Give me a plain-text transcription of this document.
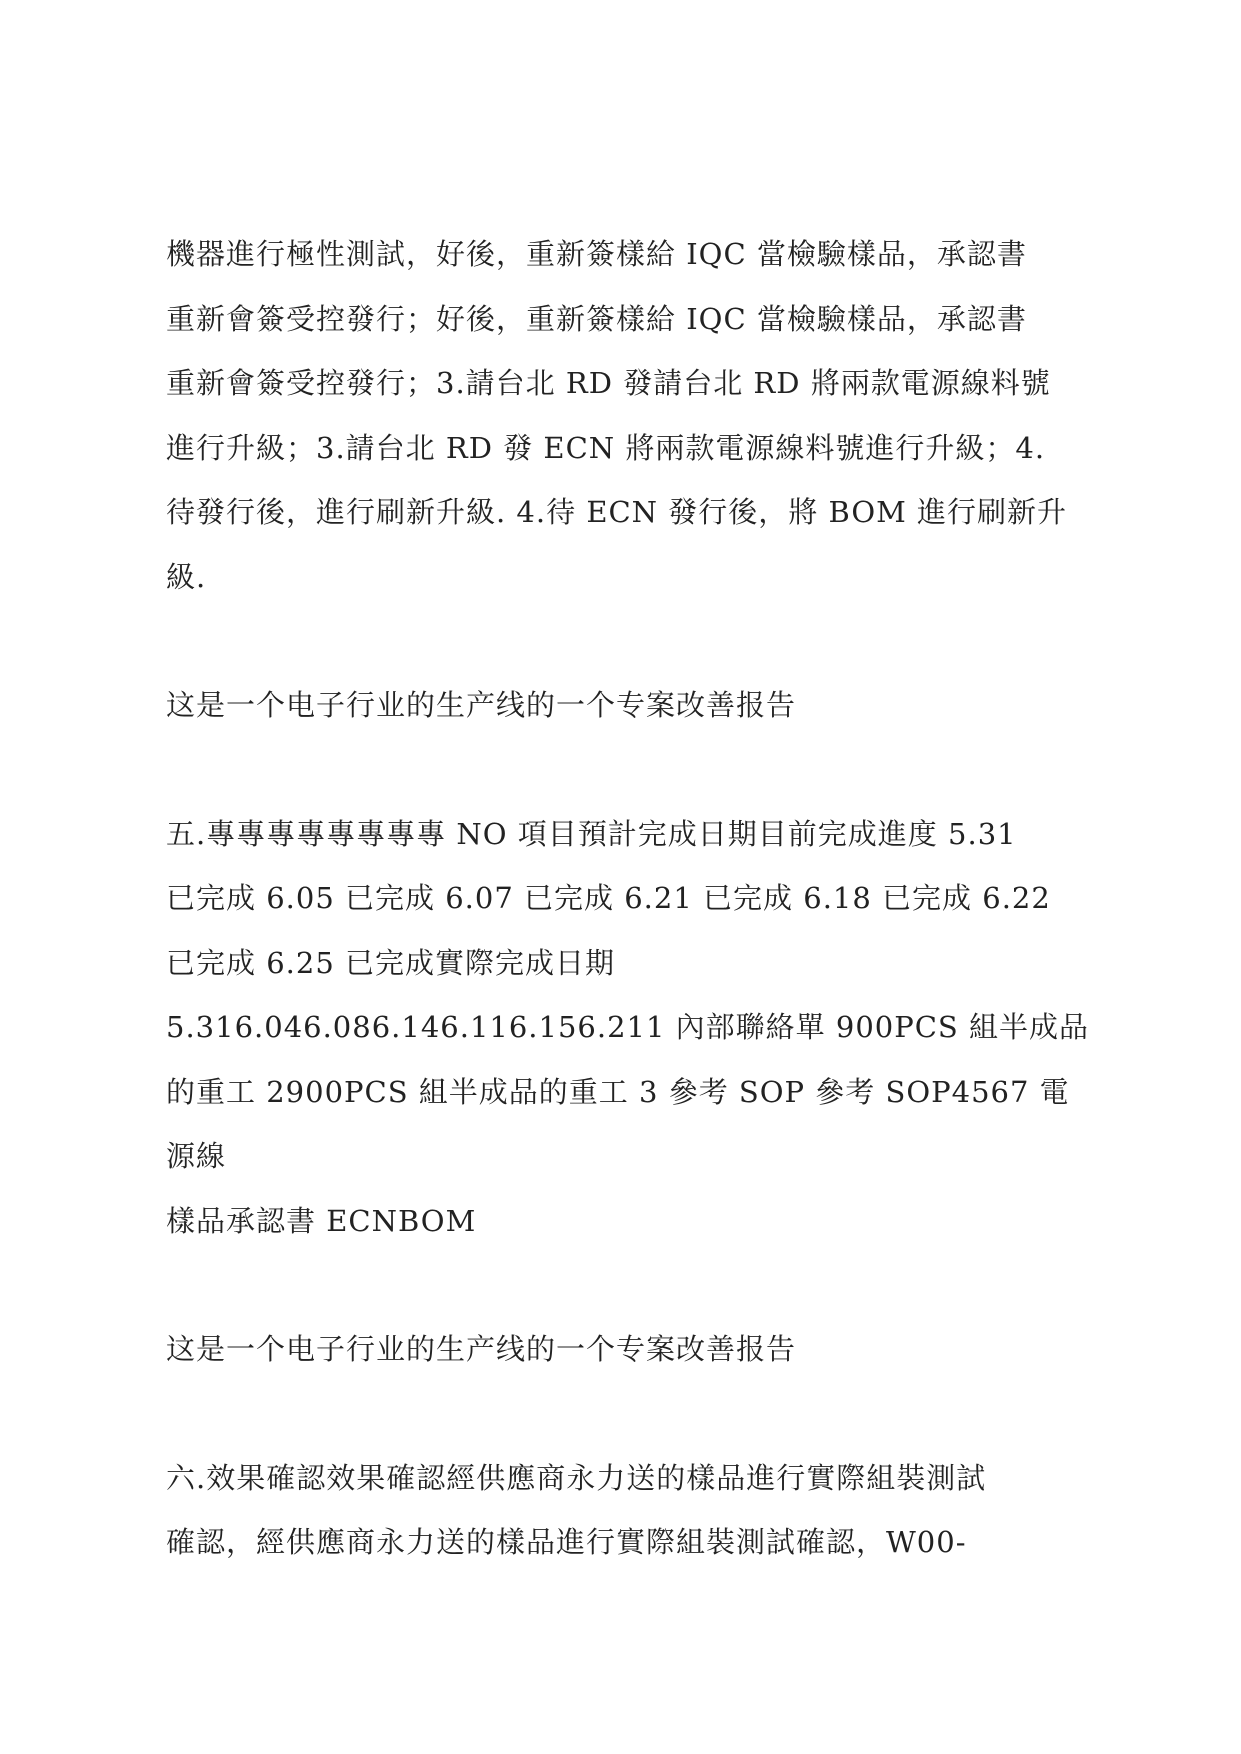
機器進行極性測試，好後，重新簽樣給 IQC 當檢驗樣品，承認書
重新會簽受控發行；好後，重新簽樣給 IQC 當檢驗樣品，承認書
重新會簽受控發行；3.請台北 RD 發請台北 RD 將兩款電源線料號
進行升級；3.請台北 RD 發 ECN 將兩款電源線料號進行升級；4.
待發行後，進行刷新升級. 4.待 ECN 發行後，將 BOM 進行刷新升
級.

这是一个电子行业的生产线的一个专案改善报告

五.專專專專專專專專 NO 項目預計完成日期目前完成進度 5.31
已完成 6.05 已完成 6.07 已完成 6.21 已完成 6.18 已完成 6.22
已完成 6.25 已完成實際完成日期
5.316.046.086.146.116.156.211 內部聯絡單 900PCS 組半成品
的重工 2900PCS 組半成品的重工 3 參考 SOP 參考 SOP4567 電源線
樣品承認書 ECNBOM

这是一个电子行业的生产线的一个专案改善报告

六.效果確認效果確認經供應商永力送的樣品進行實際組裝測試
確認，經供應商永力送的樣品進行實際組裝測試確認，W00-
